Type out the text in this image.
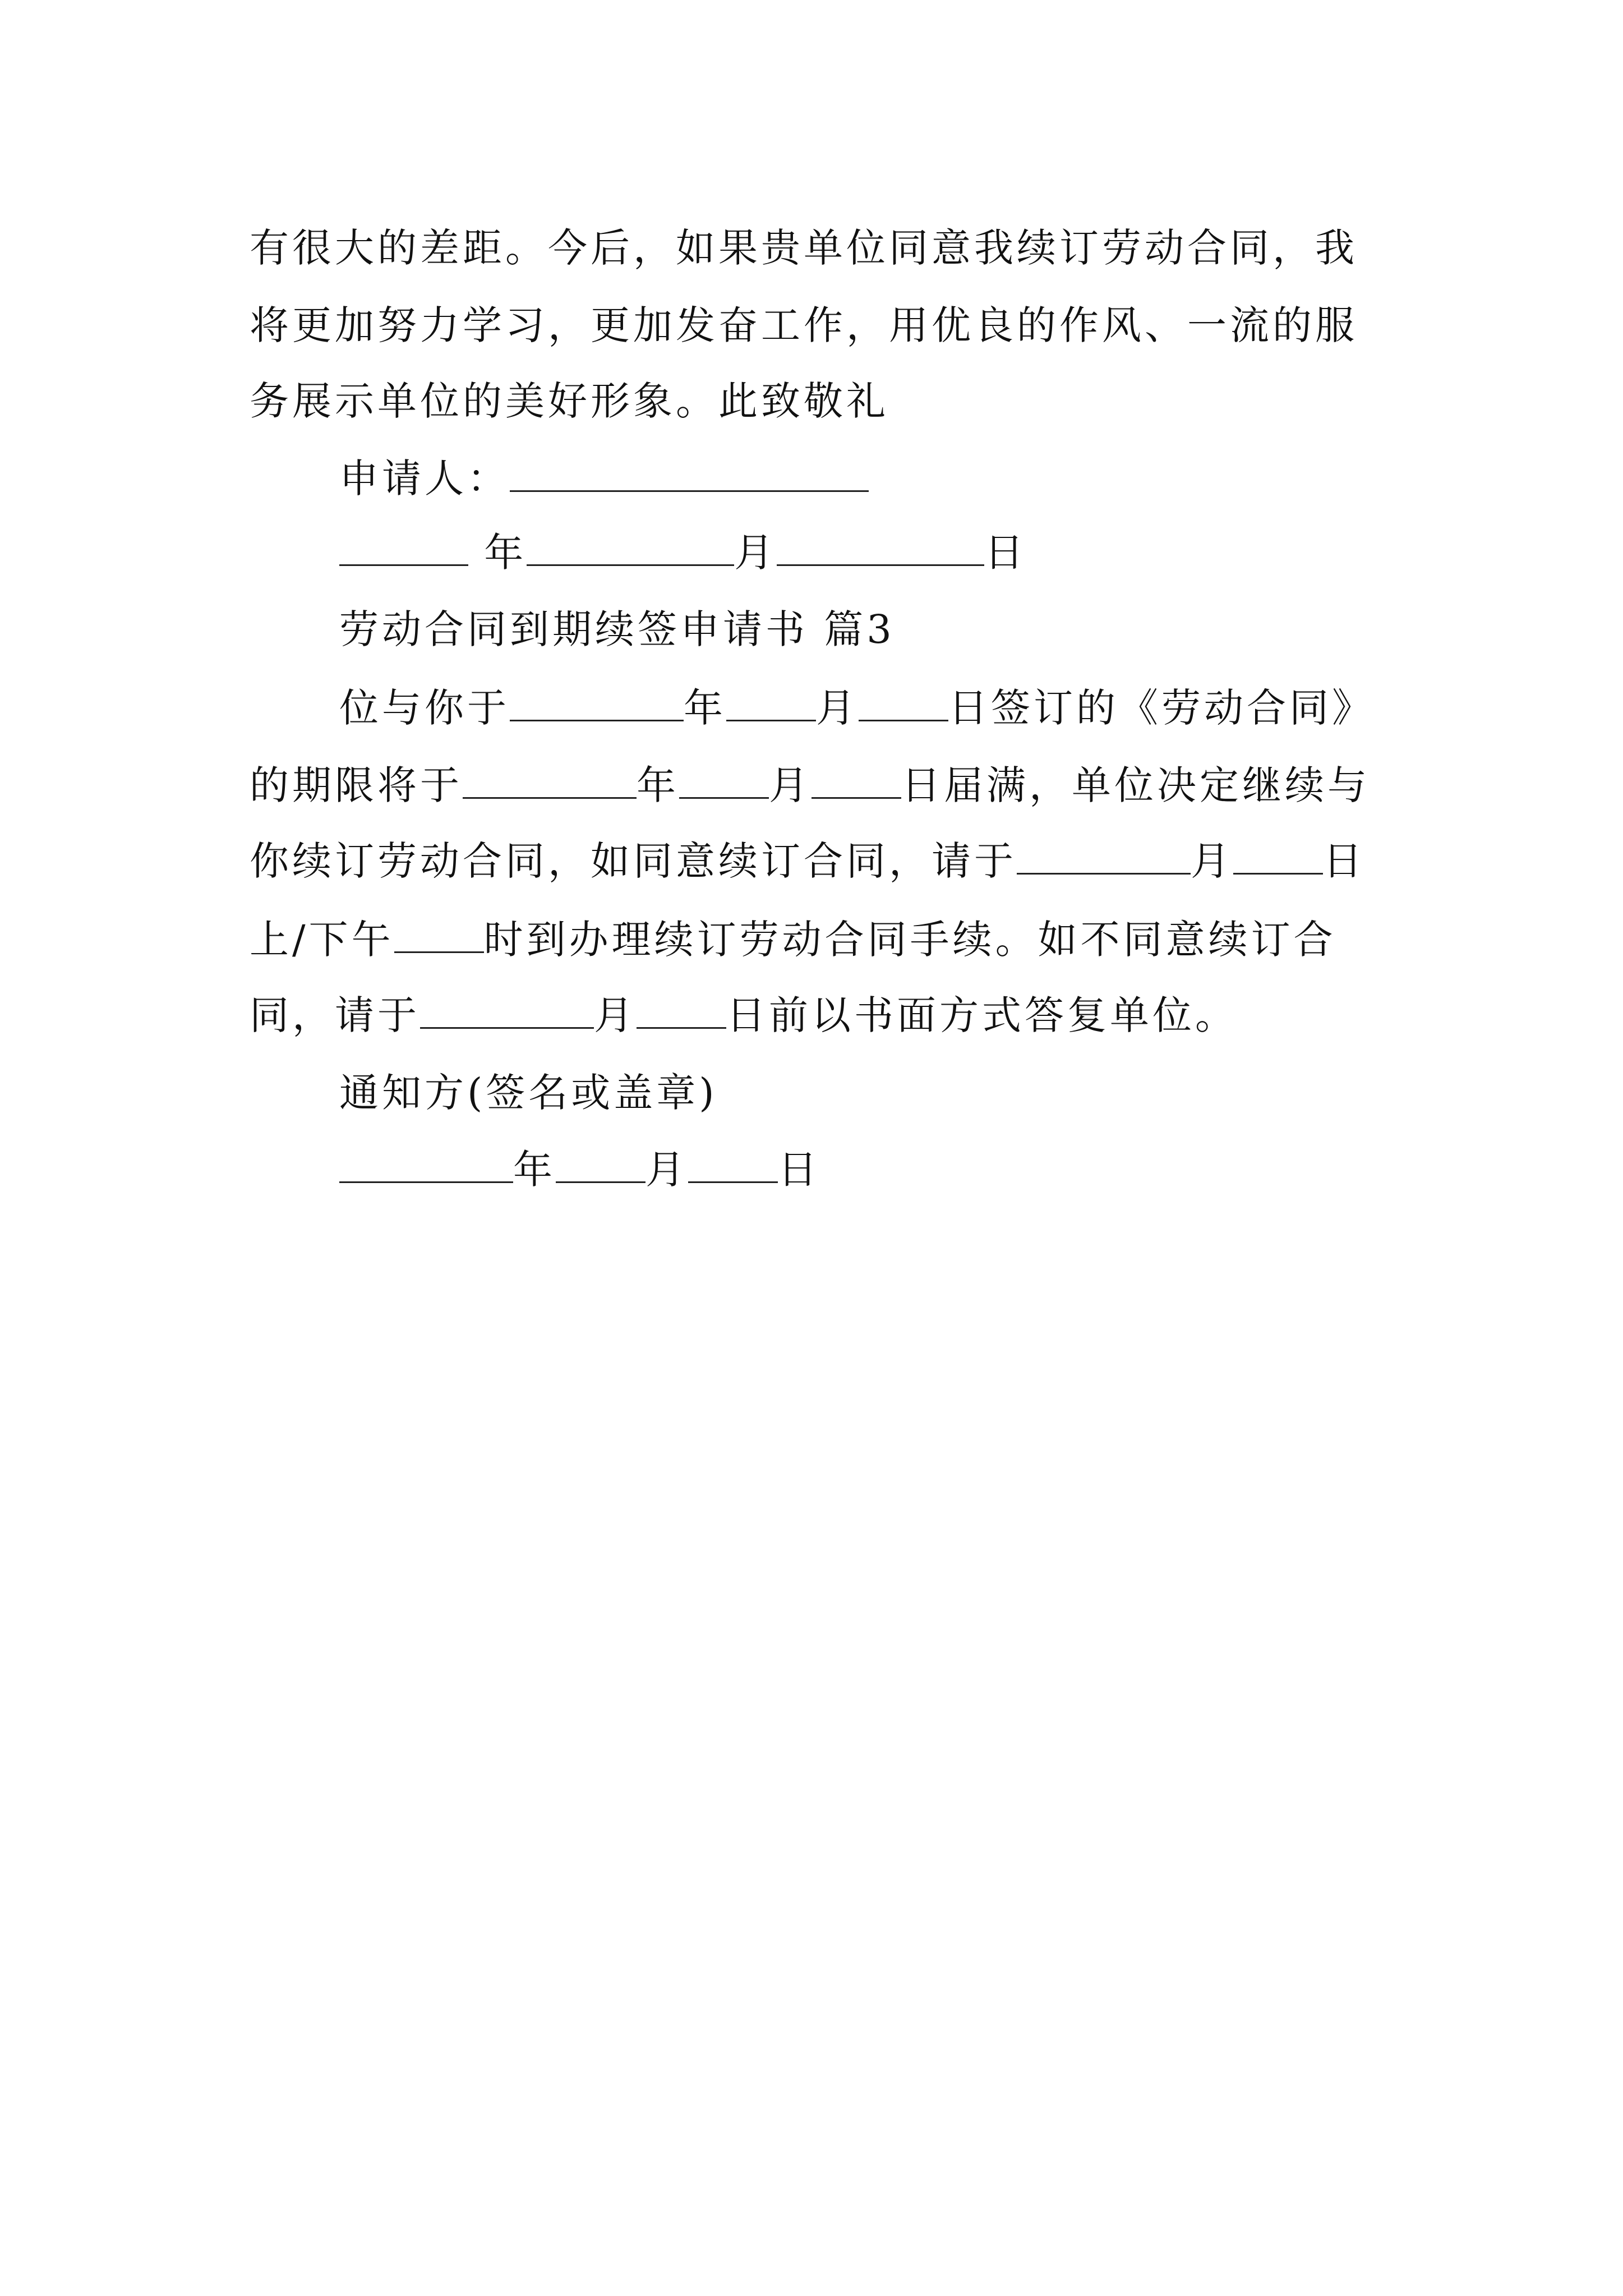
有很大的差距。今后，如果贵单位同意我续订劳动合同，我
将更加努力学习，更加发奋工作，用优良的作风、一流的服
务展示单位的美好形象。此致敬礼
申请人：
年	月	日
劳动合同到期续签申请书 篇3
位与你于	年 月 日签订的《劳动合同》
的期限将于	年 月 日届满，单位决定继续与
你续订劳动合同，如同意续订合同，请于	月 日
上/下午 时到办理续订劳动合同手续。如不同意续订合
同，请于	月 日前以书面方式答复单位。
通知方(签名或盖章)
年 月 日
